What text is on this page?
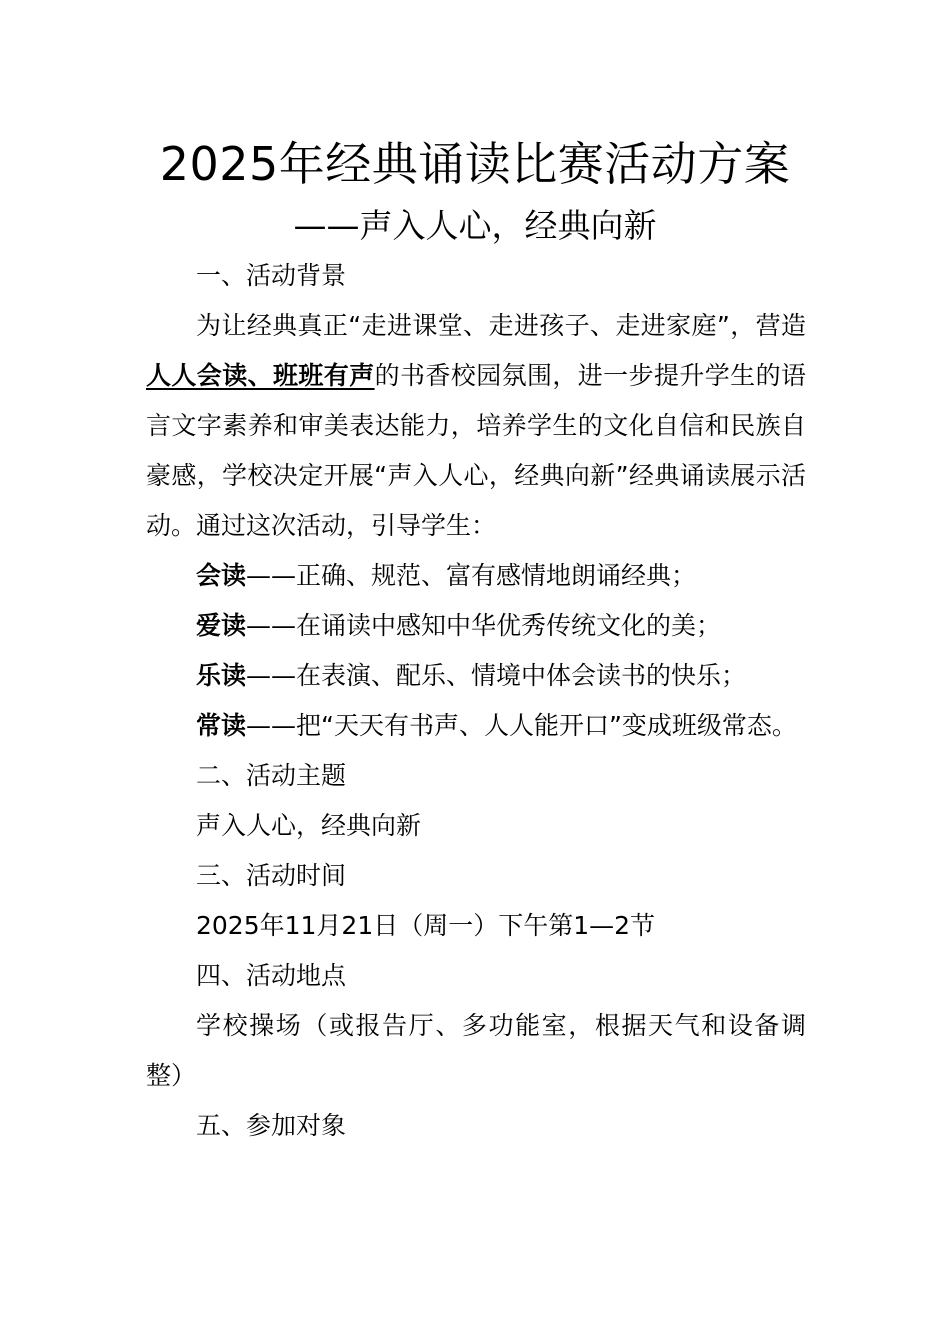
2025年经典诵读比赛活动方案
——声入人心，经典向新

一、活动背景

为让经典真正“走进课堂、走进孩子、走进家庭”，营造人人会读、班班有声的书香校园氛围，进一步提升学生的语言文字素养和审美表达能力，培养学生的文化自信和民族自豪感，学校决定开展“声入人心，经典向新”经典诵读展示活动。通过这次活动，引导学生：

会读——正确、规范、富有感情地朗诵经典；

爱读——在诵读中感知中华优秀传统文化的美；

乐读——在表演、配乐、情境中体会读书的快乐；

常读——把“天天有书声、人人能开口”变成班级常态。

二、活动主题

声入人心，经典向新

三、活动时间

2025年11月21日（周一）下午第1—2节

四、活动地点

学校操场（或报告厅、多功能室，根据天气和设备调整）

五、参加对象
